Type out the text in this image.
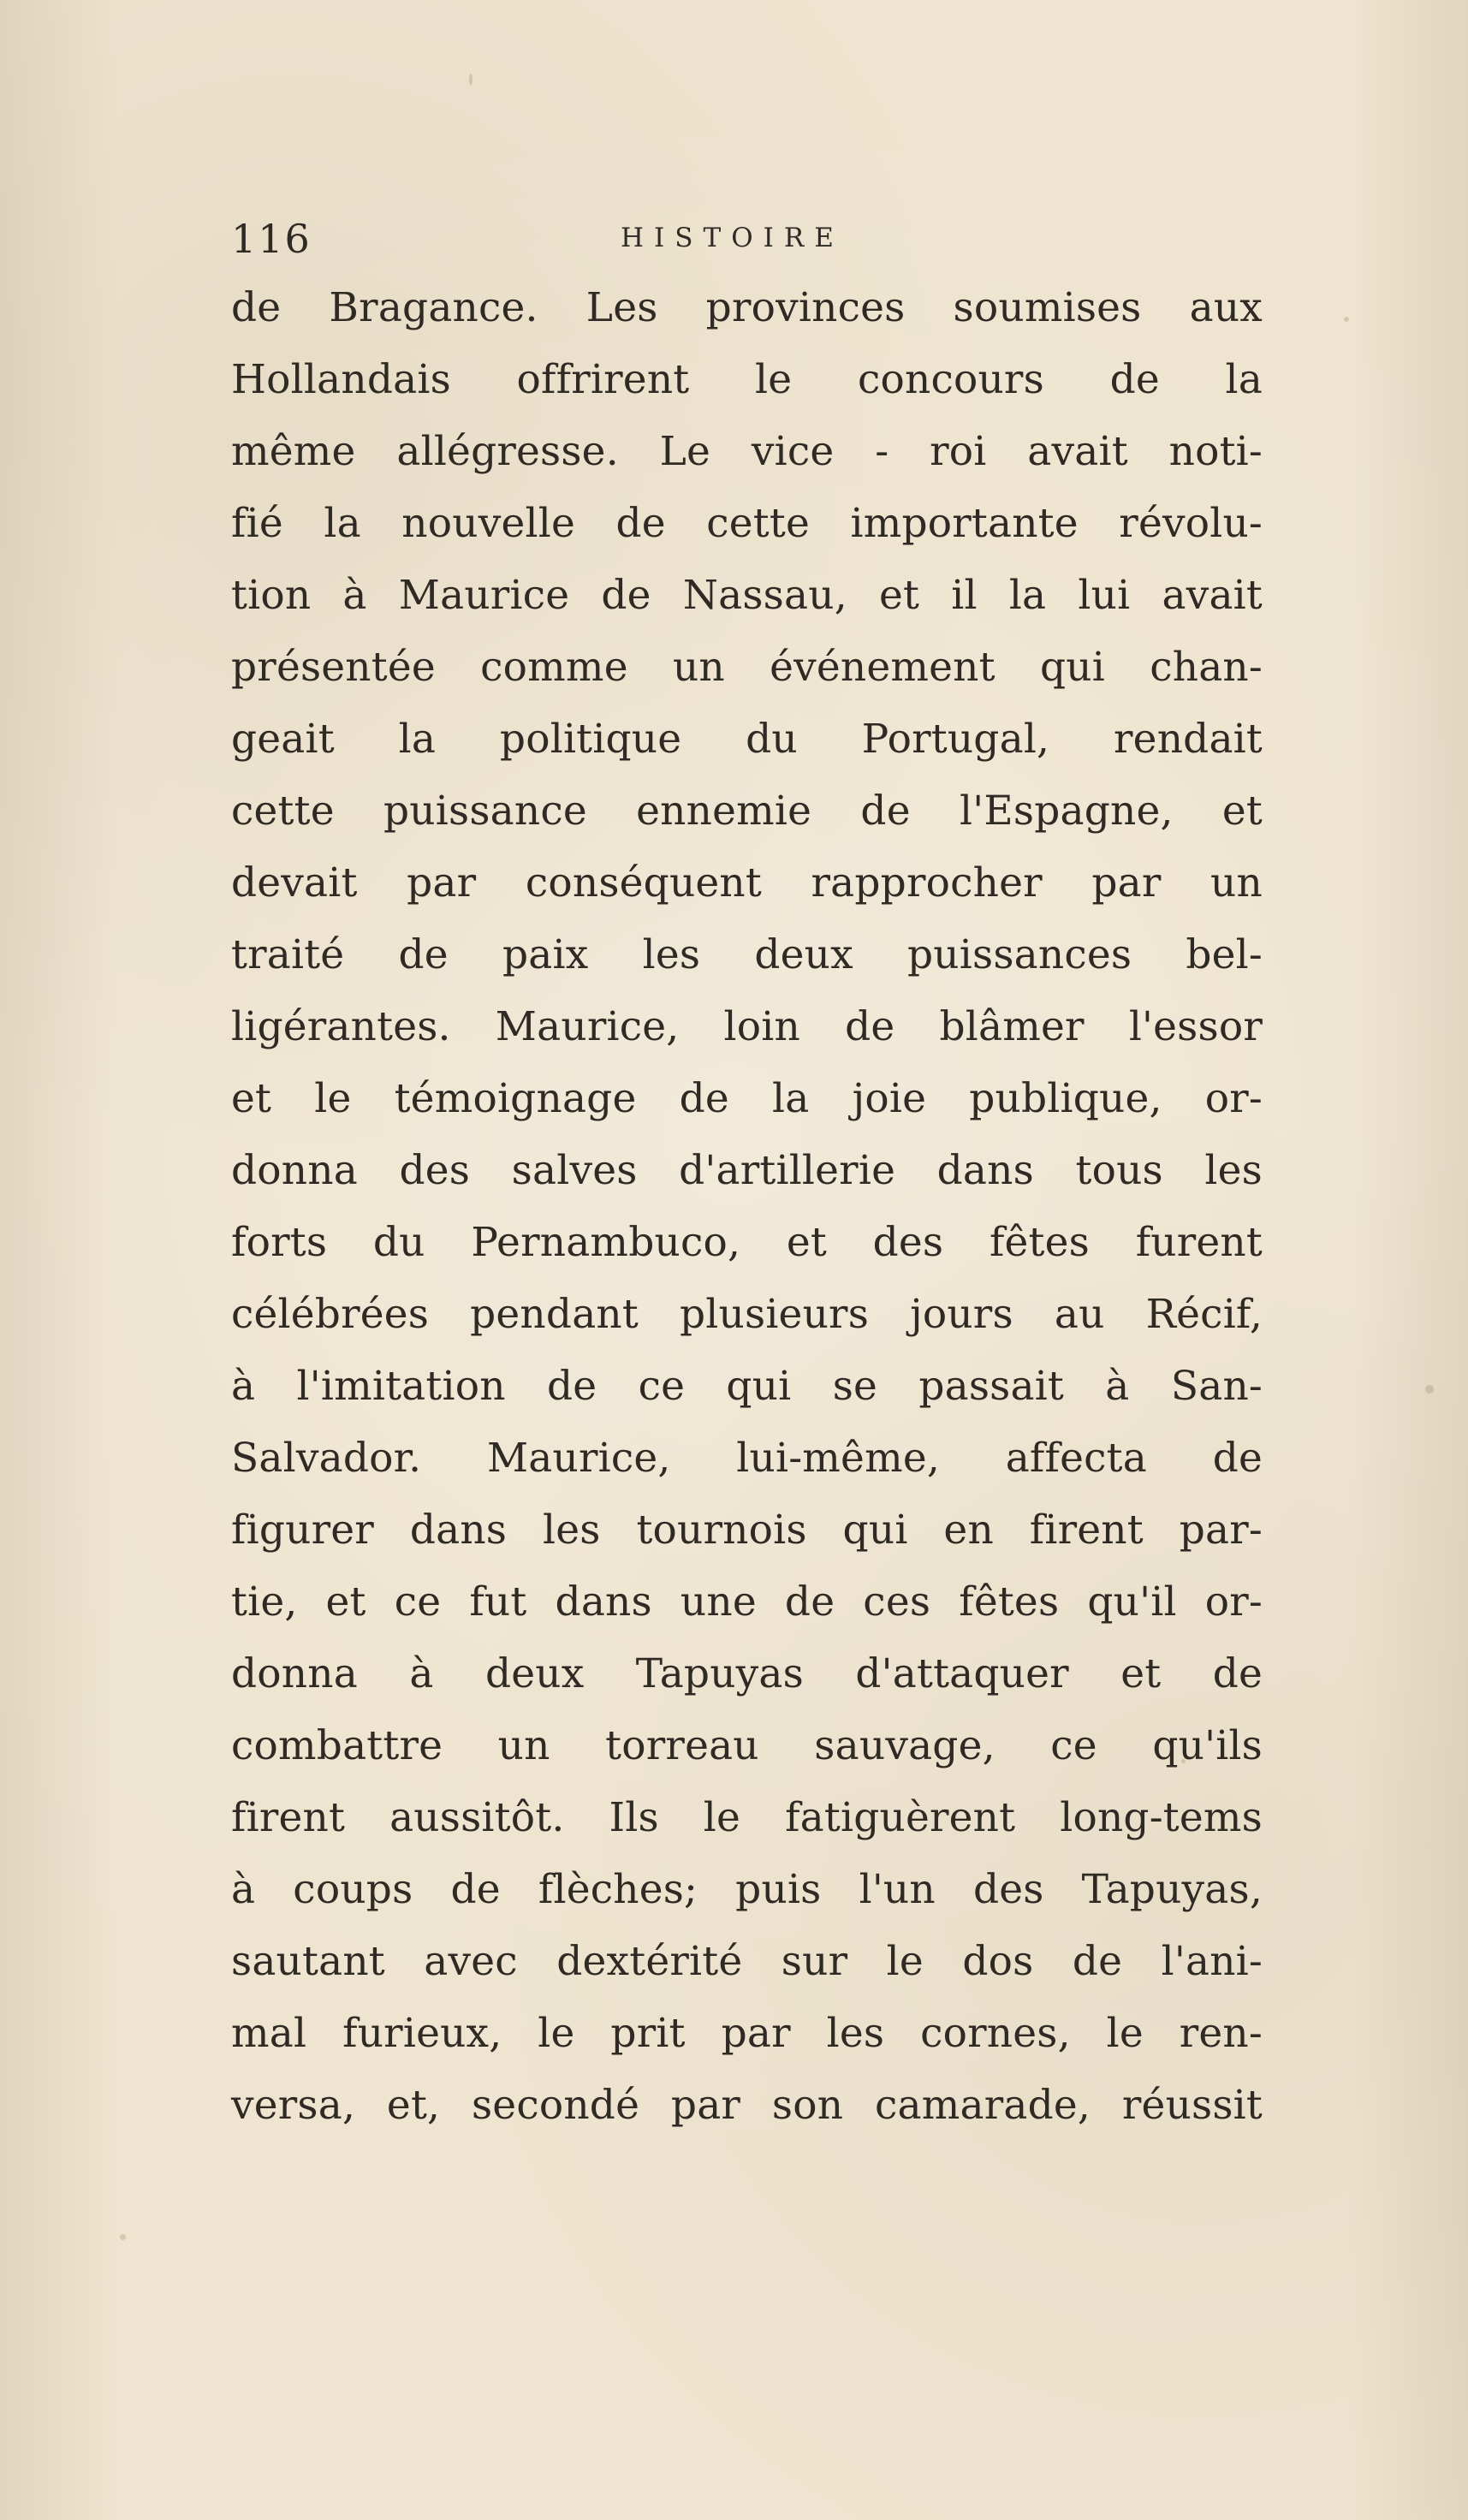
116	HISTOIRE
de Bragance. Les provinces soumises aux
Hollandais offrirent le concours de la
même allégresse. Le vice - roi avait noti-
fié la nouvelle de cette importante révolu-
tion à Maurice de Nassau, et il la lui avait
présentée comme un événement qui chan-
geait la politique du Portugal, rendait
cette puissance ennemie de l'Espagne, et
devait par conséquent rapprocher par un
traité de paix les deux puissances bel-
ligérantes. Maurice, loin de blâmer l'essor
et le témoignage de la joie publique, or-
donna des salves d'artillerie dans tous les
forts du Pernambuco, et des fêtes furent
célébrées pendant plusieurs jours au Récif,
à l'imitation de ce qui se passait à San-
Salvador. Maurice, lui-même, affecta de
figurer dans les tournois qui en firent par-
tie, et ce fut dans une de ces fêtes qu'il or-
donna à deux Tapuyas d'attaquer et de
combattre un torreau sauvage, ce qu'ils
firent aussitôt. Ils le fatiguèrent long-tems
à coups de flèches; puis l'un des Tapuyas,
sautant avec dextérité sur le dos de l'ani-
mal furieux, le prit par les cornes, le ren-
versa, et, secondé par son camarade, réussit
